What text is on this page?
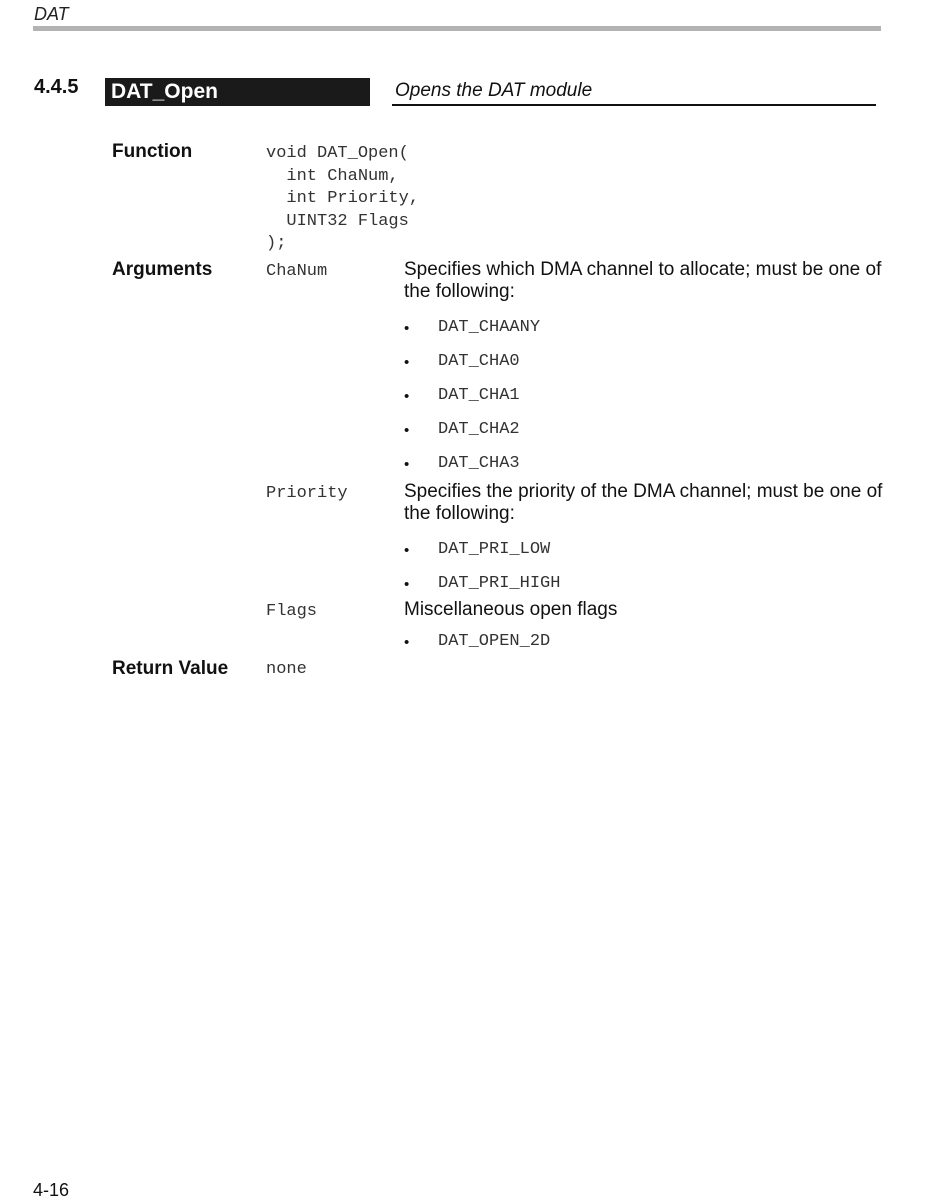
DAT
4.4.5 DAT_Open	Opens the DAT module
Function	void DAT_Open(
int ChaNum,
int Priority,
UINT32 Flags
);
Arguments	ChaNum	Specifies which DMA channel to allocate; must be one of the following:
• DAT_CHAANY
• DAT_CHA0
• DAT_CHA1
• DAT_CHA2
• DAT_CHA3
Priority	Specifies the priority of the DMA channel; must be one of the following:
• DAT_PRI_LOW
• DAT_PRI_HIGH
Flags	Miscellaneous open flags
• DAT_OPEN_2D
Return Value none
4-16
